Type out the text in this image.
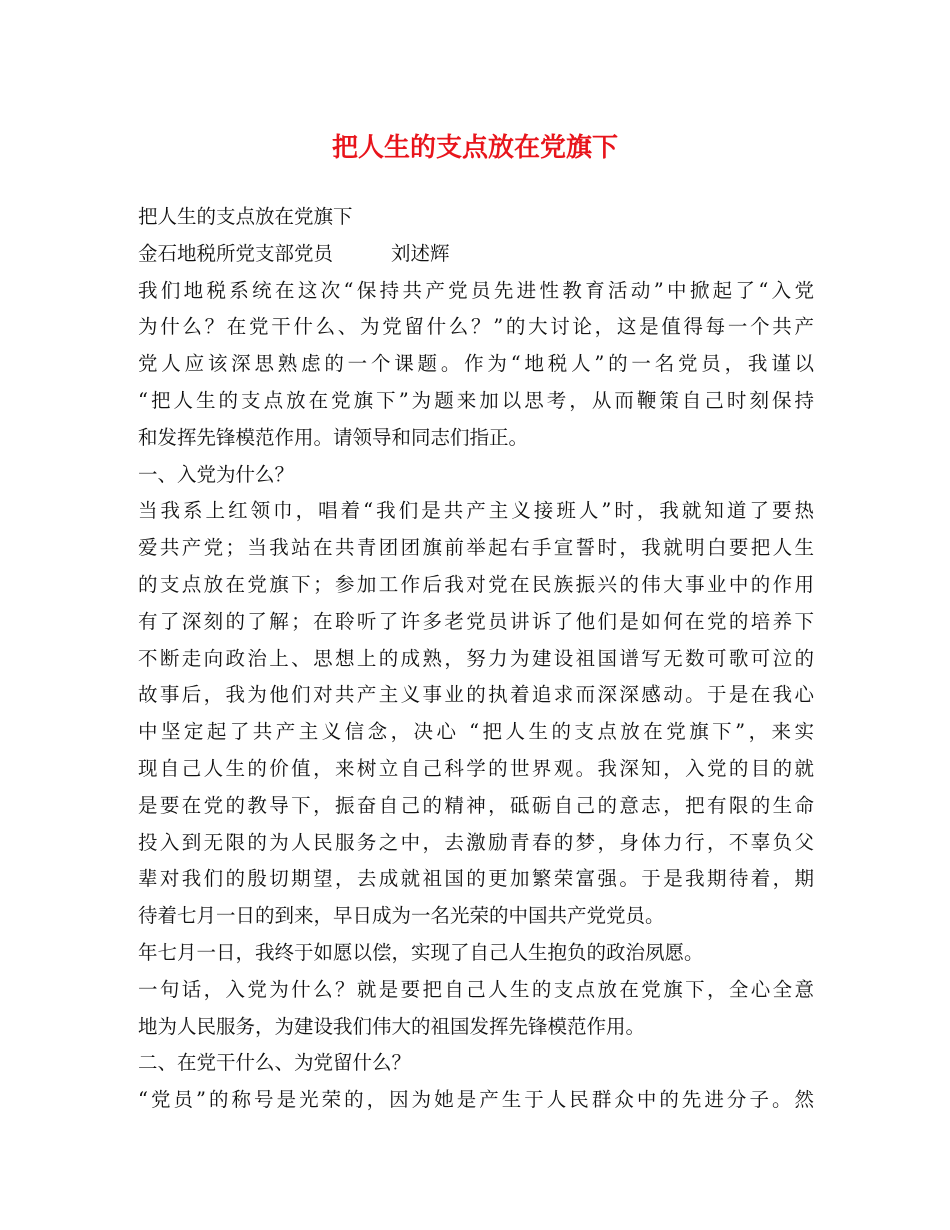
把人生的支点放在党旗下
把人生的支点放在党旗下
金石地税所党支部党员	刘述辉
我们地税系统在这次“保持共产党员先进性教育活动”中掀起了“入党
为什么？在党干什么、为党留什么？”的大讨论，这是值得每一个共产
党人应该深思熟虑的一个课题。作为“地税人”的一名党员，我谨以
“把人生的支点放在党旗下”为题来加以思考，从而鞭策自己时刻保持
和发挥先锋模范作用。请领导和同志们指正。
一、入党为什么？
当我系上红领巾，唱着“我们是共产主义接班人”时，我就知道了要热
爱共产党；当我站在共青团团旗前举起右手宣誓时，我就明白要把人生
的支点放在党旗下；参加工作后我对党在民族振兴的伟大事业中的作用
有了深刻的了解；在聆听了许多老党员讲诉了他们是如何在党的培养下
不断走向政治上、思想上的成熟，努力为建设祖国谱写无数可歌可泣的
故事后，我为他们对共产主义事业的执着追求而深深感动。于是在我心
中坚定起了共产主义信念，决心 “把人生的支点放在党旗下”，来实
现自己人生的价值，来树立自己科学的世界观。我深知，入党的目的就
是要在党的教导下，振奋自己的精神，砥砺自己的意志，把有限的生命
投入到无限的为人民服务之中，去激励青春的梦，身体力行，不辜负父
辈对我们的殷切期望，去成就祖国的更加繁荣富强。于是我期待着，期
待着七月一日的到来，早日成为一名光荣的中国共产党党员。
年七月一日，我终于如愿以偿，实现了自己人生抱负的政治夙愿。
一句话，入党为什么？就是要把自己人生的支点放在党旗下，全心全意
地为人民服务，为建设我们伟大的祖国发挥先锋模范作用。
二、在党干什么、为党留什么？
“党员”的称号是光荣的，因为她是产生于人民群众中的先进分子。然
